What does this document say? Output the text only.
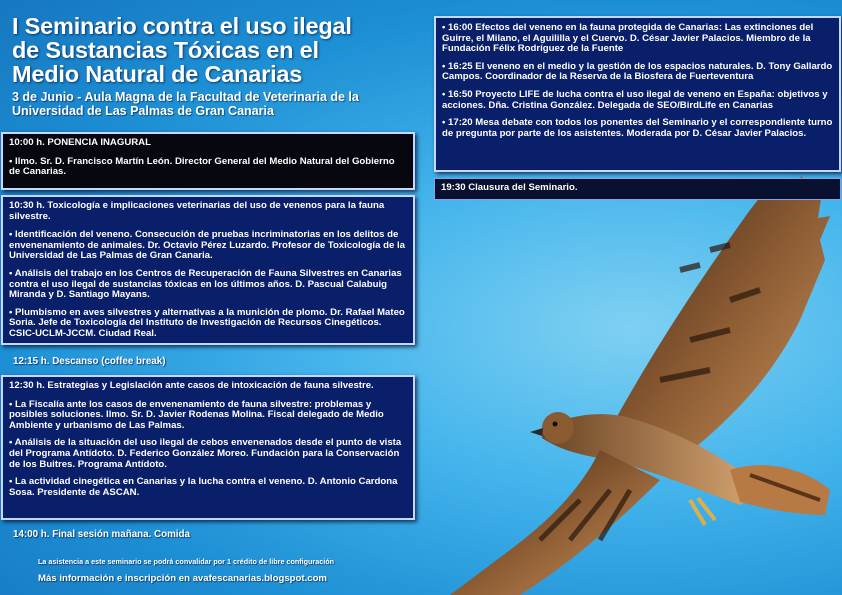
I Seminario contra el uso ilegal
de Sustancias Tóxicas en el
Medio Natural de Canarias
3 de Junio - Aula Magna de la Facultad de Veterinaria de la
Universidad de Las Palmas de Gran Canaria

10:00 h. PONENCIA INAGURAL

• Ilmo. Sr. D. Francisco Martín León. Director General del Medio Natural del Gobierno de Canarias.

10:30 h. Toxicología e implicaciones veterinarias del uso de venenos para la fauna silvestre.

• Identificación del veneno. Consecución de pruebas incriminatorias en los delitos de envenenamiento de animales. Dr. Octavio Pérez Luzardo. Profesor de Toxicología de la Universidad de Las Palmas de Gran Canaria.

• Análisis del trabajo en los Centros de Recuperación de Fauna Silvestres en Canarias contra el uso ilegal de sustancias tóxicas en los últimos años. D. Pascual Calabuig Miranda y D. Santiago Mayans.

• Plumbismo en aves silvestres y alternativas a la munición de plomo. Dr. Rafael Mateo Soria. Jefe de Toxicología del Instituto de Investigación de Recursos Cinegéticos. CSIC-UCLM-JCCM. Ciudad Real.

12:15 h. Descanso (coffee break)

12:30 h. Estrategias y Legislación ante casos de intoxicación de fauna silvestre.

• La Fiscalía ante los casos de envenenamiento de fauna silvestre: problemas y posibles soluciones. Ilmo. Sr. D. Javier Rodenas Molina. Fiscal delegado de Medio Ambiente y urbanismo de Las Palmas.

• Análisis de la situación del uso ilegal de cebos envenenados desde el punto de vista del Programa Antídoto. D. Federico González Moreo. Fundación para la Conservación de los Buitres. Programa Antídoto.

• La actividad cinegética en Canarias y la lucha contra el veneno. D. Antonio Cardona Sosa. Presidente de ASCAN.

14:00 h. Final sesión mañana. Comida
La asistencia a este seminario se podrá convalidar por 1 crédito de libre configuración
Más información e inscripción en avafescanarias.blogspot.com

• 16:00 Efectos del veneno en la fauna protegida de Canarias: Las extinciones del Guirre, el Milano, el Aguililla y el Cuervo. D. César Javier Palacios. Miembro de la Fundación Félix Rodríguez de la Fuente

• 16:25 El veneno en el medio y la gestión de los espacios naturales. D. Tony Gallardo Campos. Coordinador de la Reserva de la Biosfera de Fuerteventura

• 16:50 Proyecto LIFE de lucha contra el uso ilegal de veneno en España: objetivos y acciones. Dña. Cristina González. Delegada de SEO/BirdLife en Canarias

• 17:20 Mesa debate con todos los ponentes del Seminario y el correspondiente turno de pregunta por parte de los asistentes. Moderada por D. César Javier Palacios.

19:30 Clausura del Seminario.
